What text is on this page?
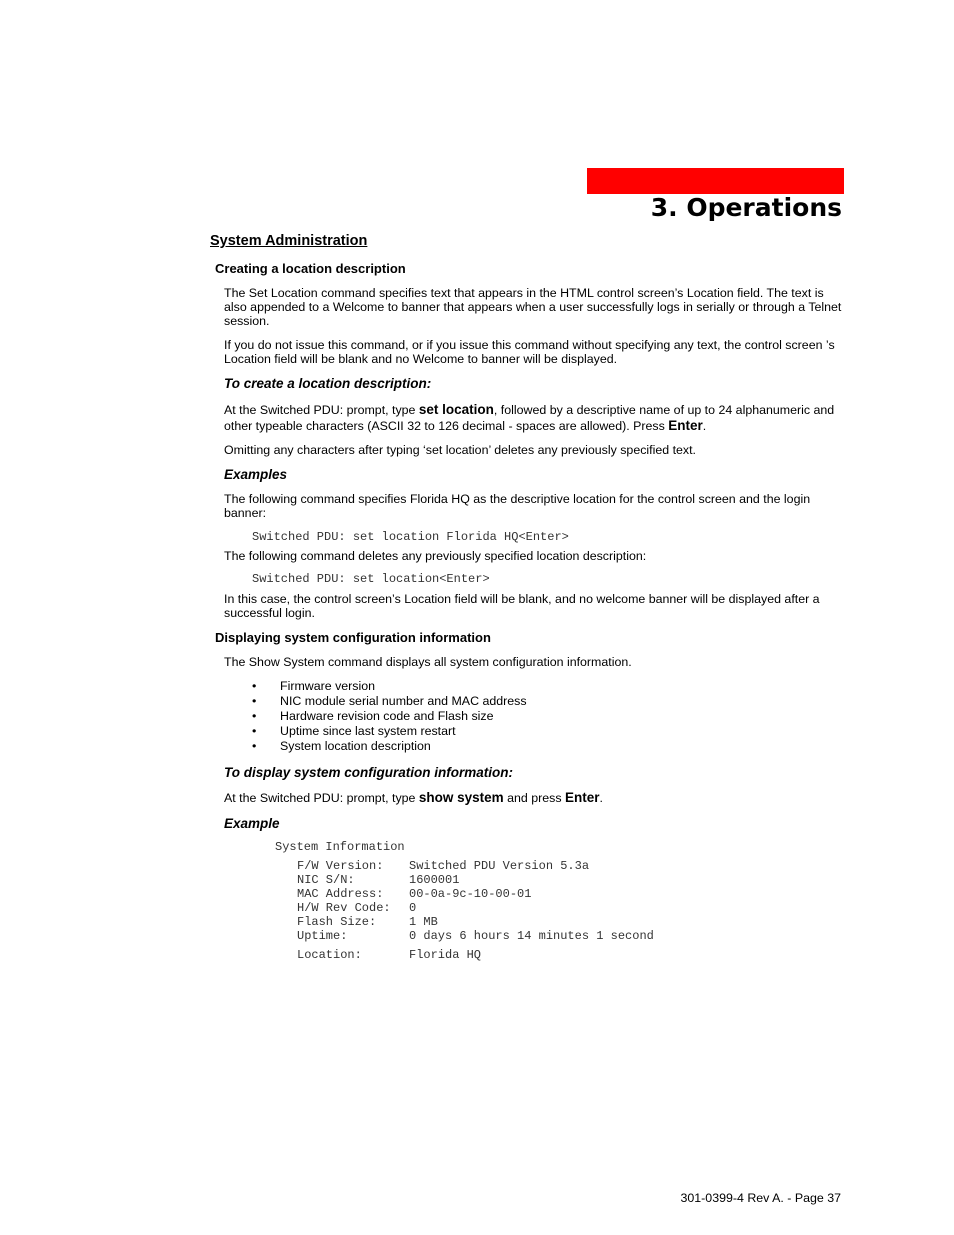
3. Operations
System Administration
Creating a location description
The Set Location command specifies text that appears in the HTML control screen’s Location field. The text is also appended to a Welcome to banner that appears when a user successfully logs in serially or through a Telnet session.
If you do not issue this command, or if you issue this command without specifying any text, the control screen ’s Location field will be blank and no Welcome to banner will be displayed.
To create a location description:
At the Switched PDU: prompt, type set location, followed by a descriptive name of up to 24 alphanumeric and other typeable characters (ASCII 32 to 126 decimal - spaces are allowed). Press Enter.
Omitting any characters after typing ‘set location’ deletes any previously specified text.
Examples
The following command specifies Florida HQ as the descriptive location for the control screen and the login banner:
Switched PDU: set location Florida HQ<Enter>
The following command deletes any previously specified location description:
Switched PDU: set location<Enter>
In this case, the control screen’s Location field will be blank, and no welcome banner will be displayed after a successful login.
Displaying system configuration information
The Show System command displays all system configuration information.
• Firmware version
• NIC module serial number and MAC address
• Hardware revision code and Flash size
• Uptime since last system restart
• System location description
To display system configuration information:
At the Switched PDU: prompt, type show system and press Enter.
Example
System Information
F/W Version: Switched PDU Version 5.3a
NIC S/N:	1600001
MAC Address: 00-0a-9c-10-00-01
H/W Rev Code: 0
Flash Size:	1 MB
Uptime:	0 days 6 hours 14 minutes 1 second
Location:	Florida HQ
301-0399-4 Rev A. - Page 37
